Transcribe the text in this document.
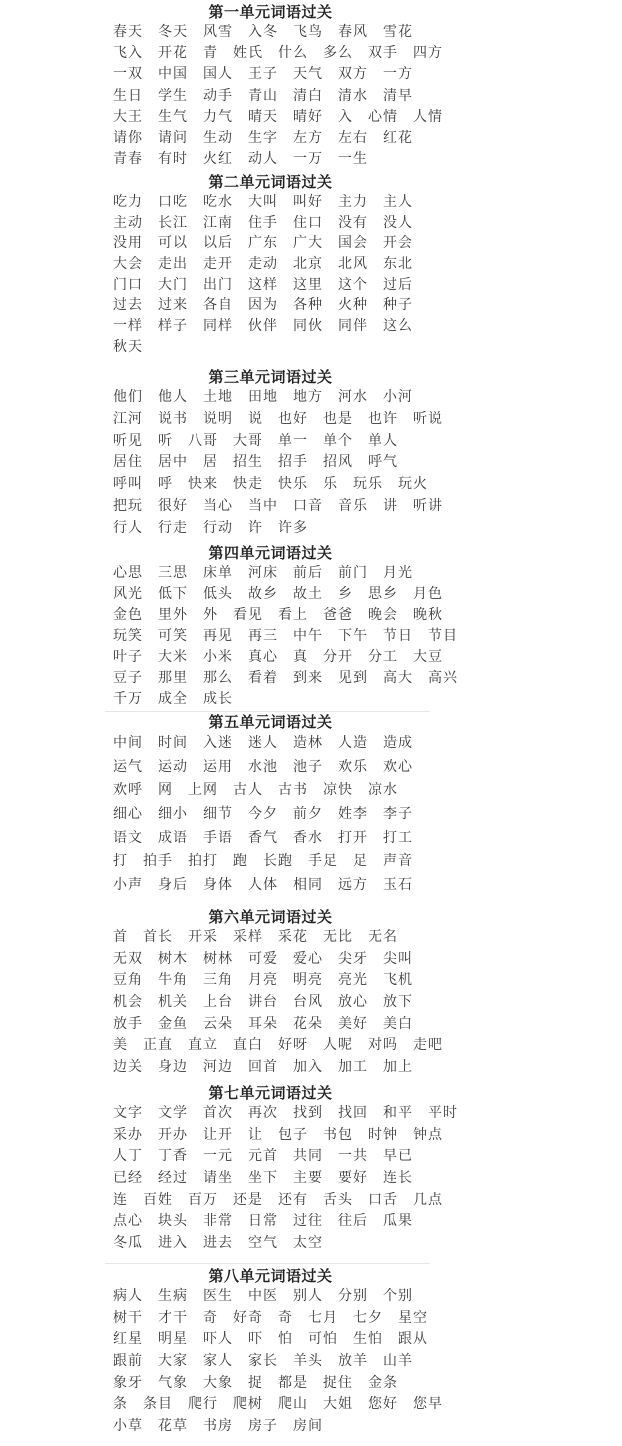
第一单元词语过关
春天 冬天 风雪 入冬 飞鸟 春风 雪花
飞入 开花 青 姓氏 什么 多么 双手 四方
一双 中国 国人 王子 天气 双方 一方
生日 学生 动手 青山 清白 清水 清早
大王 生气 力气 晴天 晴好 入 心情 人情
请你 请问 生动 生字 左方 左右 红花
青春 有时 火红 动人 一万 一生
第二单元词语过关
吃力 口吃 吃水 大叫 叫好 主力 主人
主动 长江 江南 住手 住口 没有 没人
没用 可以 以后 广东 广大 国会 开会
大会 走出 走开 走动 北京 北风 东北
门口 大门 出门 这样 这里 这个 过后
过去 过来 各自 因为 各种 火种 种子
一样 样子 同样 伙伴 同伙 同伴 这么
秋天
第三单元词语过关
他们 他人 土地 田地 地方 河水 小河
江河 说书 说明 说 也好 也是 也许 听说
听见 听 八哥 大哥 单一 单个 单人
居住 居中 居 招生 招手 招风 呼气
呼叫 呼 快来 快走 快乐 乐 玩乐 玩火
把玩 很好 当心 当中 口音 音乐 讲 听讲
行人 行走 行动 许 许多
第四单元词语过关
心思 三思 床单 河床 前后 前门 月光
风光 低下 低头 故乡 故土 乡 思乡 月色
金色 里外 外 看见 看上 爸爸 晚会 晚秋
玩笑 可笑 再见 再三 中午 下午 节日 节目
叶子 大米 小米 真心 真 分开 分工 大豆
豆子 那里 那么 看着 到来 见到 高大 高兴
千万 成全 成长
第五单元词语过关
中间 时间 入迷 迷人 造林 人造 造成
运气 运动 运用 水池 池子 欢乐 欢心
欢呼 网 上网 古人 古书 凉快 凉水
细心 细小 细节 今夕 前夕 姓李 李子
语文 成语 手语 香气 香水 打开 打工
打 拍手 拍打 跑 长跑 手足 足 声音
小声 身后 身体 人体 相同 远方 玉石
第六单元词语过关
首 首长 开采 采样 采花 无比 无名
无双 树木 树林 可爱 爱心 尖牙 尖叫
豆角 牛角 三角 月亮 明亮 亮光 飞机
机会 机关 上台 讲台 台风 放心 放下
放手 金鱼 云朵 耳朵 花朵 美好 美白
美 正直 直立 直白 好呀 人呢 对吗 走吧
边关 身边 河边 回首 加入 加工 加上
第七单元词语过关
文字 文学 首次 再次 找到 找回 和平 平时
采办 开办 让开 让 包子 书包 时钟 钟点
人丁 丁香 一元 元首 共同 一共 早已
已经 经过 请坐 坐下 主要 要好 连长
连 百姓 百万 还是 还有 舌头 口舌 几点
点心 块头 非常 日常 过往 往后 瓜果
冬瓜 进入 进去 空气 太空
第八单元词语过关
病人 生病 医生 中医 别人 分别 个别
树干 才干 奇 好奇 奇 七月 七夕 星空
红星 明星 吓人 吓 怕 可怕 生怕 跟从
跟前 大家 家人 家长 羊头 放羊 山羊
象牙 气象 大象 捉 都是 捉住 金条
条 条目 爬行 爬树 爬山 大姐 您好 您早
小草 花草 书房 房子 房间
